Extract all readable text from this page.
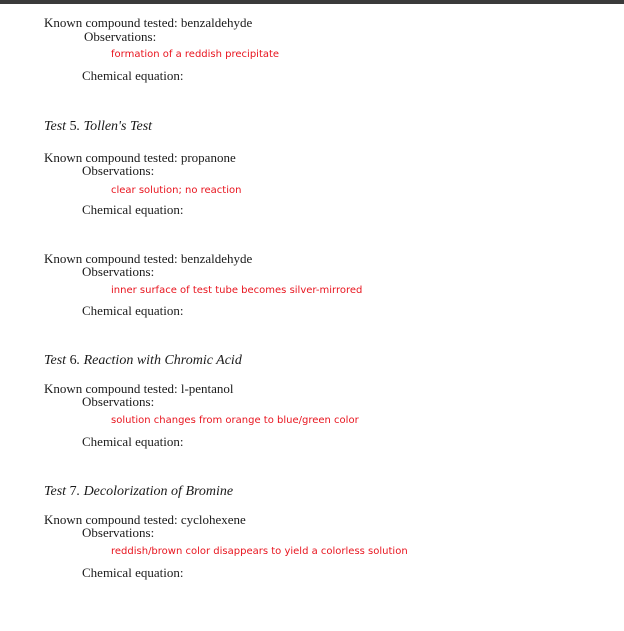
Known compound tested: benzaldehyde
Observations:
formation of a reddish precipitate
Chemical equation:
Test 5. Tollen's Test
Known compound tested: propanone
Observations:
clear solution; no reaction
Chemical equation:
Known compound tested: benzaldehyde
Observations:
inner surface of test tube becomes silver-mirrored
Chemical equation:
Test 6. Reaction with Chromic Acid
Known compound tested: l-pentanol
Observations:
solution changes from orange to blue/green color
Chemical equation:
Test 7. Decolorization of Bromine
Known compound tested: cyclohexene
Observations:
reddish/brown color disappears to yield a colorless solution
Chemical equation:
